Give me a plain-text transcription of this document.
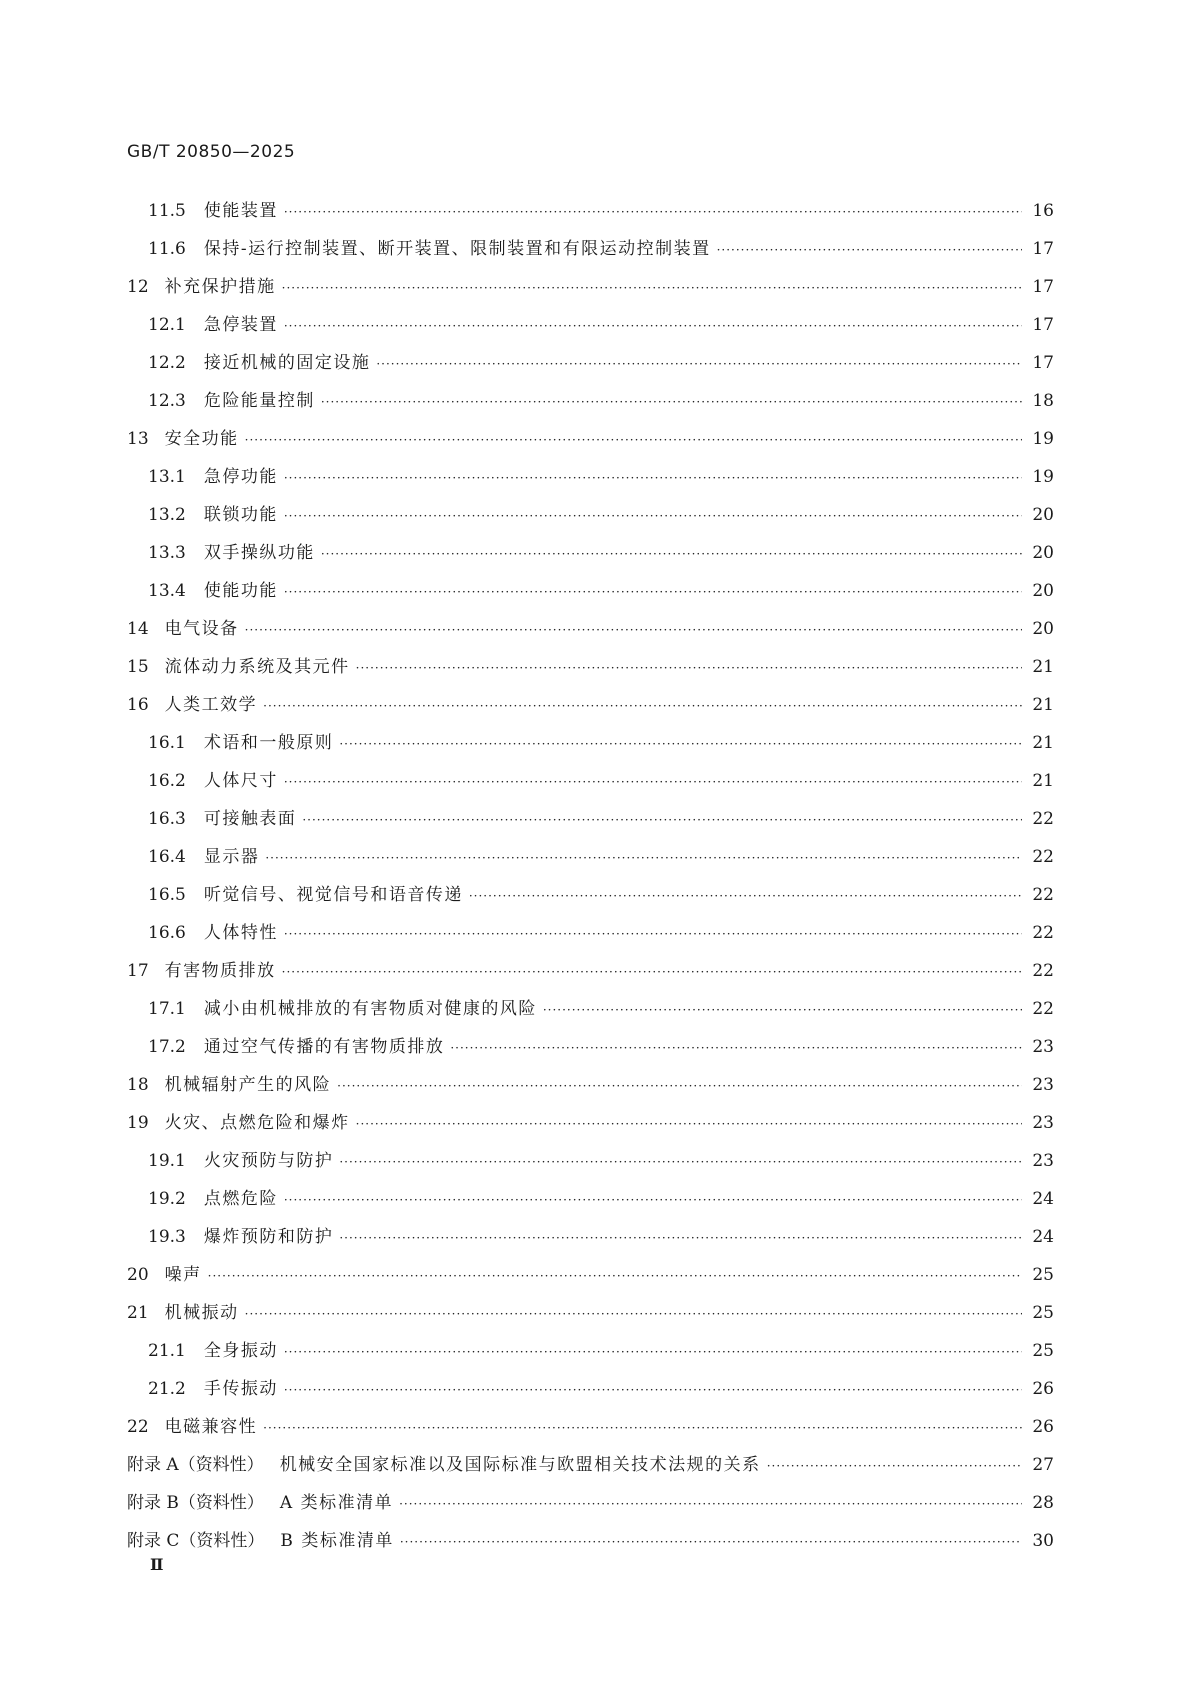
GB/T 20850—2025
11.5 使能装置 ·····	16
11.6 保持-运行控制装置、断开装置、限制装置和有限运动控制装置 ·····	17
12 补充保护措施 ·····	17
12.1 急停装置 ·····	17
12.2 接近机械的固定设施 ·····	17
12.3 危险能量控制 ·····	18
13 安全功能 ·····	19
13.1 急停功能 ·····	19
13.2 联锁功能 ·····	20
13.3 双手操纵功能 ·····	20
13.4 使能功能 ·····	20
14 电气设备 ·····	20
15 流体动力系统及其元件 ·····	21
16 人类工效学 ·····	21
16.1 术语和一般原则 ·····	21
16.2 人体尺寸 ·····	21
16.3 可接触表面 ·····	22
16.4 显示器 ·····	22
16.5 听觉信号、视觉信号和语音传递 ·····	22
16.6 人体特性 ·····	22
17 有害物质排放 ·····	22
17.1 减小由机械排放的有害物质对健康的风险 ·····	22
17.2 通过空气传播的有害物质排放 ·····	23
18 机械辐射产生的风险 ·····	23
19 火灾、点燃危险和爆炸 ·····	23
19.1 火灾预防与防护 ·····	23
19.2 点燃危险 ·····	24
19.3 爆炸预防和防护 ·····	24
20 噪声 ·····	25
21 机械振动 ·····	25
21.1 全身振动 ·····	25
21.2 手传振动 ·····	26
22 电磁兼容性 ·····	26
附录 A（资料性） 机械安全国家标准以及国际标准与欧盟相关技术法规的关系 ·····	27
附录 B（资料性） A 类标准清单 ·····	28
附录 C（资料性） B 类标准清单 ·····	30
Ⅱ
